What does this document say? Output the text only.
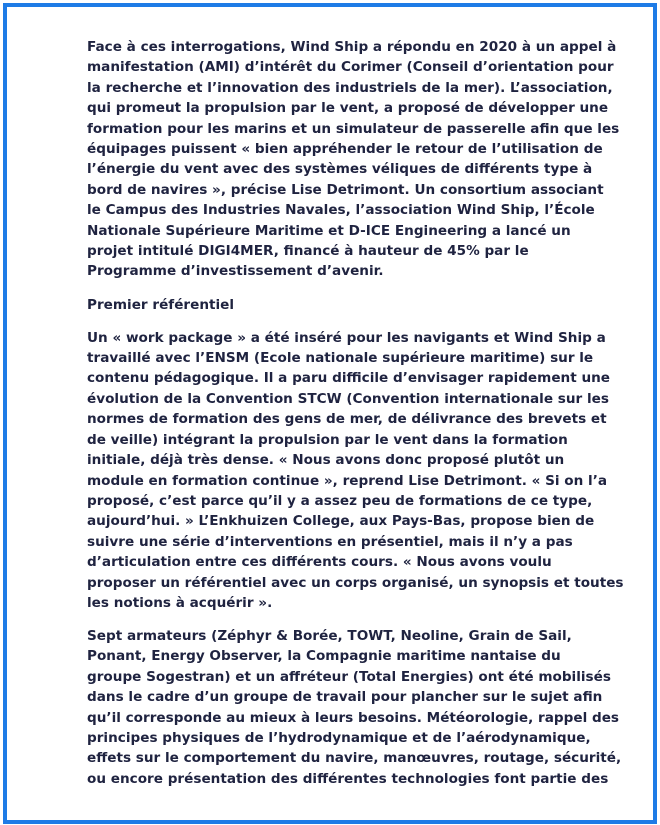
Face à ces interrogations, Wind Ship a répondu en 2020 à un appel à
manifestation (AMI) d’intérêt du Corimer (Conseil d’orientation pour
la recherche et l’innovation des industriels de la mer). L’association,
qui promeut la propulsion par le vent, a proposé de développer une
formation pour les marins et un simulateur de passerelle afin que les
équipages puissent « bien appréhender le retour de l’utilisation de
l’énergie du vent avec des systèmes véliques de différents type à
bord de navires », précise Lise Detrimont. Un consortium associant
le Campus des Industries Navales, l’association Wind Ship, l’École
Nationale Supérieure Maritime et D-ICE Engineering a lancé un
projet intitulé DIGI4MER, financé à hauteur de 45% par le
Programme d’investissement d’avenir.

Premier référentiel

Un « work package » a été inséré pour les navigants et Wind Ship a
travaillé avec l’ENSM (Ecole nationale supérieure maritime) sur le
contenu pédagogique. Il a paru difficile d’envisager rapidement une
évolution de la Convention STCW (Convention internationale sur les
normes de formation des gens de mer, de délivrance des brevets et
de veille) intégrant la propulsion par le vent dans la formation
initiale, déjà très dense. « Nous avons donc proposé plutôt un
module en formation continue », reprend Lise Detrimont. « Si on l’a
proposé, c’est parce qu’il y a assez peu de formations de ce type,
aujourd’hui. » L’Enkhuizen College, aux Pays-Bas, propose bien de
suivre une série d’interventions en présentiel, mais il n’y a pas
d’articulation entre ces différents cours. « Nous avons voulu
proposer un référentiel avec un corps organisé, un synopsis et toutes
les notions à acquérir ».

Sept armateurs (Zéphyr & Borée, TOWT, Neoline, Grain de Sail,
Ponant, Energy Observer, la Compagnie maritime nantaise du
groupe Sogestran) et un affréteur (Total Energies) ont été mobilisés
dans le cadre d’un groupe de travail pour plancher sur le sujet afin
qu’il corresponde au mieux à leurs besoins. Météorologie, rappel des
principes physiques de l’hydrodynamique et de l’aérodynamique,
effets sur le comportement du navire, manœuvres, routage, sécurité,
ou encore présentation des différentes technologies font partie des
